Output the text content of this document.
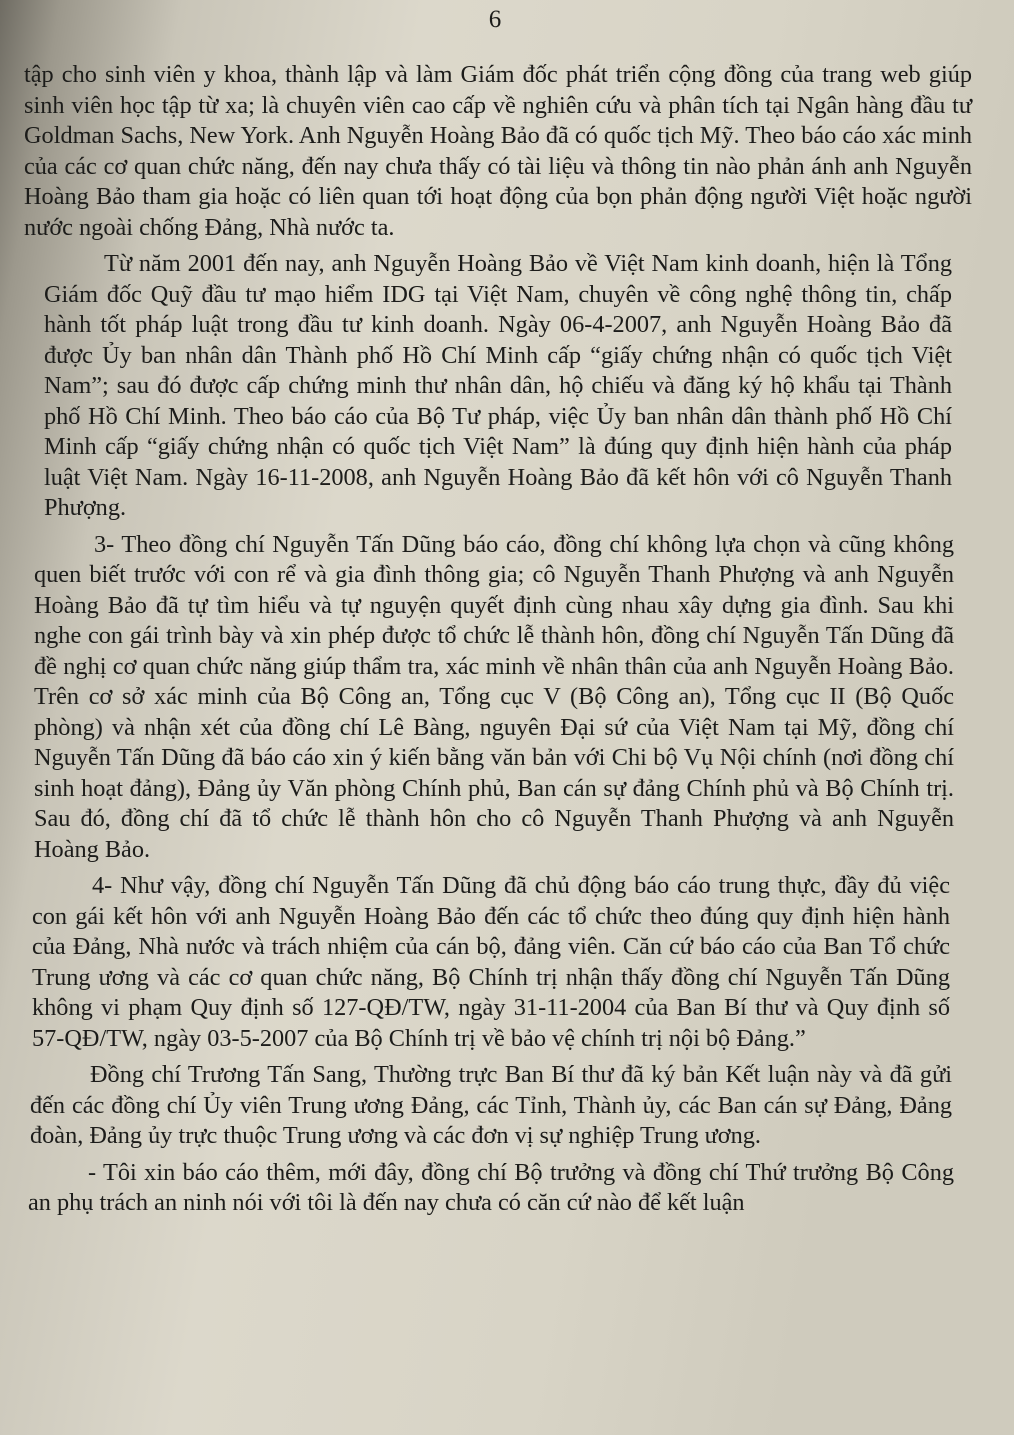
6

tập cho sinh viên y khoa, thành lập và làm Giám đốc phát triển cộng đồng của trang web giúp sinh viên học tập từ xa; là chuyên viên cao cấp về nghiên cứu và phân tích tại Ngân hàng đầu tư Goldman Sachs, New York. Anh Nguyễn Hoàng Bảo đã có quốc tịch Mỹ. Theo báo cáo xác minh của các cơ quan chức năng, đến nay chưa thấy có tài liệu và thông tin nào phản ánh anh Nguyễn Hoàng Bảo tham gia hoặc có liên quan tới hoạt động của bọn phản động người Việt hoặc người nước ngoài chống Đảng, Nhà nước ta.

Từ năm 2001 đến nay, anh Nguyễn Hoàng Bảo về Việt Nam kinh doanh, hiện là Tổng Giám đốc Quỹ đầu tư mạo hiểm IDG tại Việt Nam, chuyên về công nghệ thông tin, chấp hành tốt pháp luật trong đầu tư kinh doanh. Ngày 06-4-2007, anh Nguyễn Hoàng Bảo đã được Ủy ban nhân dân Thành phố Hồ Chí Minh cấp “giấy chứng nhận có quốc tịch Việt Nam”; sau đó được cấp chứng minh thư nhân dân, hộ chiếu và đăng ký hộ khẩu tại Thành phố Hồ Chí Minh. Theo báo cáo của Bộ Tư pháp, việc Ủy ban nhân dân thành phố Hồ Chí Minh cấp “giấy chứng nhận có quốc tịch Việt Nam” là đúng quy định hiện hành của pháp luật Việt Nam. Ngày 16-11-2008, anh Nguyễn Hoàng Bảo đã kết hôn với cô Nguyễn Thanh Phượng.

3- Theo đồng chí Nguyễn Tấn Dũng báo cáo, đồng chí không lựa chọn và cũng không quen biết trước với con rể và gia đình thông gia; cô Nguyễn Thanh Phượng và anh Nguyễn Hoàng Bảo đã tự tìm hiểu và tự nguyện quyết định cùng nhau xây dựng gia đình. Sau khi nghe con gái trình bày và xin phép được tổ chức lễ thành hôn, đồng chí Nguyễn Tấn Dũng đã đề nghị cơ quan chức năng giúp thẩm tra, xác minh về nhân thân của anh Nguyễn Hoàng Bảo. Trên cơ sở xác minh của Bộ Công an, Tổng cục V (Bộ Công an), Tổng cục II (Bộ Quốc phòng) và nhận xét của đồng chí Lê Bàng, nguyên Đại sứ của Việt Nam tại Mỹ, đồng chí Nguyễn Tấn Dũng đã báo cáo xin ý kiến bằng văn bản với Chi bộ Vụ Nội chính (nơi đồng chí sinh hoạt đảng), Đảng ủy Văn phòng Chính phủ, Ban cán sự đảng Chính phủ và Bộ Chính trị. Sau đó, đồng chí đã tổ chức lễ thành hôn cho cô Nguyễn Thanh Phượng và anh Nguyễn Hoàng Bảo.

4- Như vậy, đồng chí Nguyễn Tấn Dũng đã chủ động báo cáo trung thực, đầy đủ việc con gái kết hôn với anh Nguyễn Hoàng Bảo đến các tổ chức theo đúng quy định hiện hành của Đảng, Nhà nước và trách nhiệm của cán bộ, đảng viên. Căn cứ báo cáo của Ban Tổ chức Trung ương và các cơ quan chức năng, Bộ Chính trị nhận thấy đồng chí Nguyễn Tấn Dũng không vi phạm Quy định số 127-QĐ/TW, ngày 31-11-2004 của Ban Bí thư và Quy định số 57-QĐ/TW, ngày 03-5-2007 của Bộ Chính trị về bảo vệ chính trị nội bộ Đảng.”

Đồng chí Trương Tấn Sang, Thường trực Ban Bí thư đã ký bản Kết luận này và đã gửi đến các đồng chí Ủy viên Trung ương Đảng, các Tỉnh, Thành ủy, các Ban cán sự Đảng, Đảng đoàn, Đảng ủy trực thuộc Trung ương và các đơn vị sự nghiệp Trung ương.

- Tôi xin báo cáo thêm, mới đây, đồng chí Bộ trưởng và đồng chí Thứ trưởng Bộ Công an phụ trách an ninh nói với tôi là đến nay chưa có căn cứ nào để kết luận
